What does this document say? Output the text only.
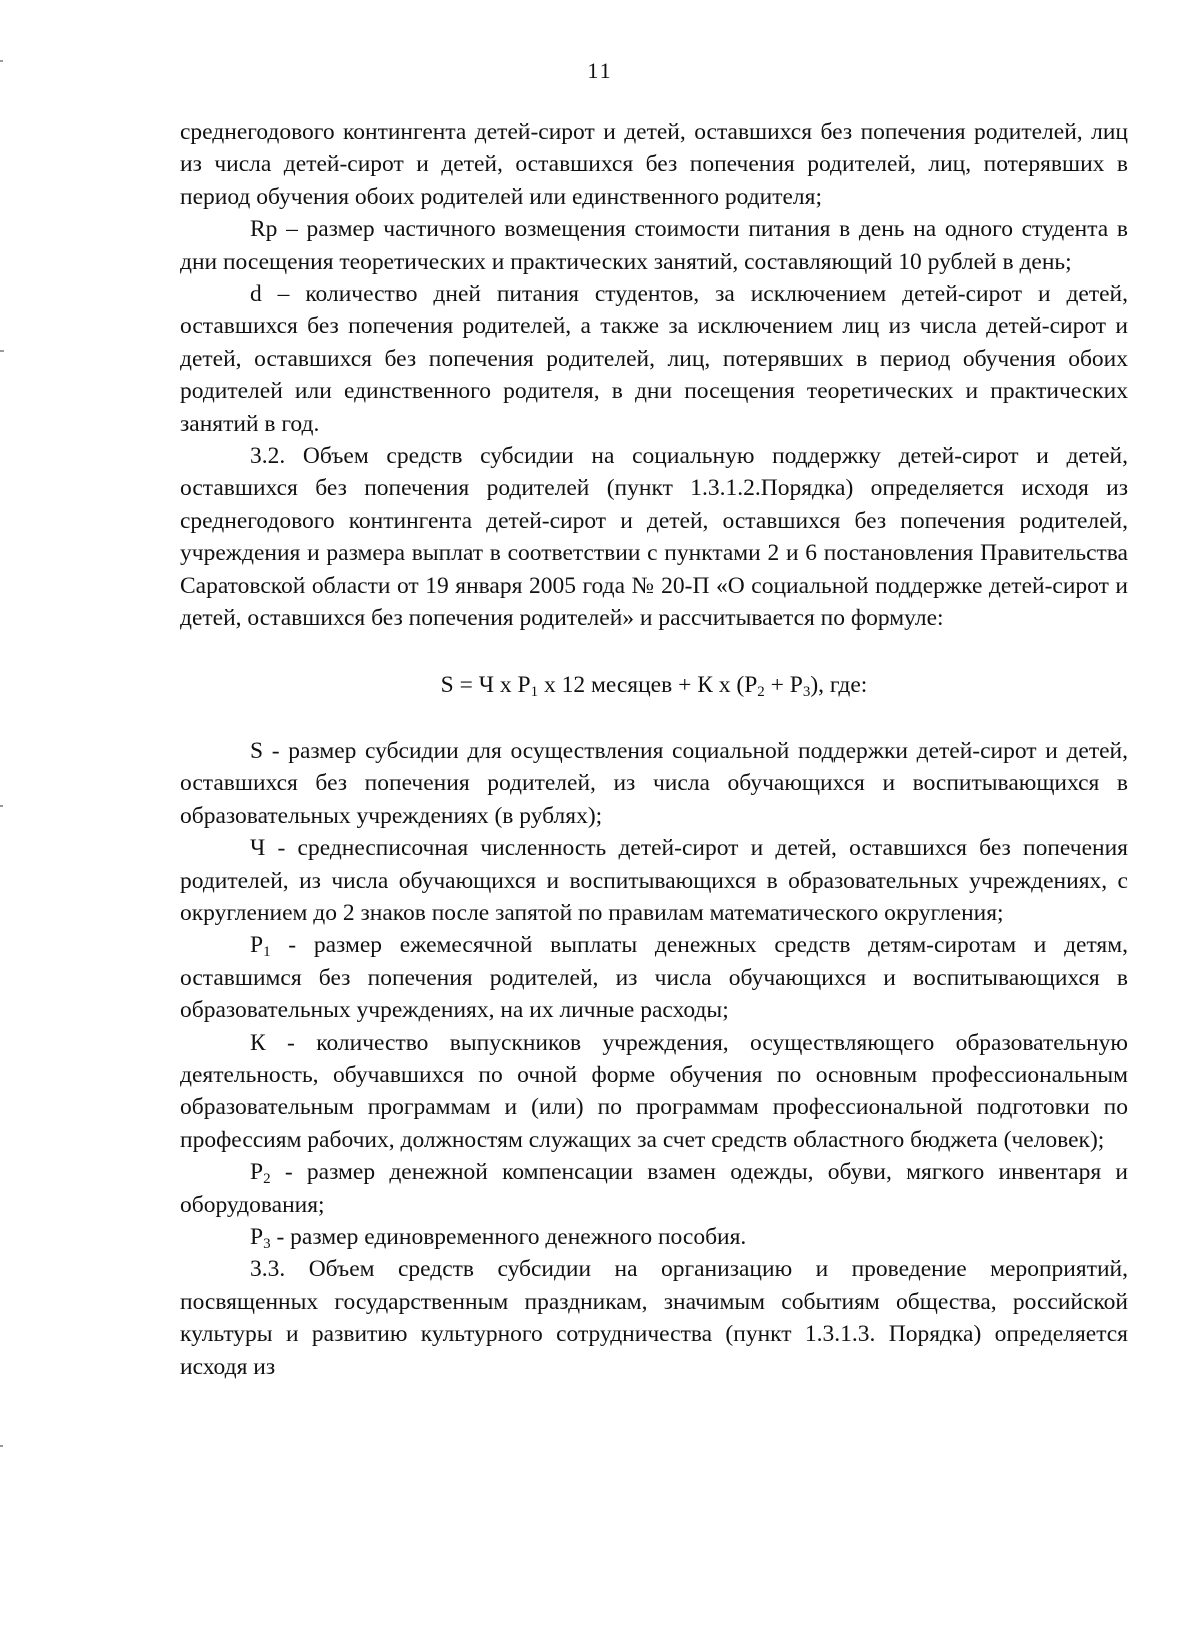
11

среднегодового контингента детей-сирот и детей, оставшихся без попечения родителей, лиц из числа детей-сирот и детей, оставшихся без попечения родителей, лиц, потерявших в период обучения обоих родителей или единственного родителя;

Rp – размер частичного возмещения стоимости питания в день на одного студента в дни посещения теоретических и практических занятий, составляющий 10 рублей в день;

d – количество дней питания студентов, за исключением детей-сирот и детей, оставшихся без попечения родителей, а также за исключением лиц из числа детей-сирот и детей, оставшихся без попечения родителей, лиц, потерявших в период обучения обоих родителей или единственного родителя, в дни посещения теоретических и практических занятий в год.

3.2. Объем средств субсидии на социальную поддержку детей-сирот и детей, оставшихся без попечения родителей (пункт 1.3.1.2.Порядка) определяется исходя из среднегодового контингента детей-сирот и детей, оставшихся без попечения родителей, учреждения и размера выплат в соответствии с пунктами 2 и 6 постановления Правительства Саратовской области от 19 января 2005 года № 20-П «О социальной поддержке детей-сирот и детей, оставшихся без попечения родителей» и рассчитывается по формуле:

S = Ч х $P_1$ х 12 месяцев + К х $(P_2 + P_3)$, где:

S - размер субсидии для осуществления социальной поддержки детей-сирот и детей, оставшихся без попечения родителей, из числа обучающихся и воспитывающихся в образовательных учреждениях (в рублях);

Ч - среднесписочная численность детей-сирот и детей, оставшихся без попечения родителей, из числа обучающихся и воспитывающихся в образовательных учреждениях, с округлением до 2 знаков после запятой по правилам математического округления;

$P_1$ - размер ежемесячной выплаты денежных средств детям-сиротам и детям, оставшимся без попечения родителей, из числа обучающихся и воспитывающихся в образовательных учреждениях, на их личные расходы;

К - количество выпускников учреждения, осуществляющего образовательную деятельность, обучавшихся по очной форме обучения по основным профессиональным образовательным программам и (или) по программам профессиональной подготовки по профессиям рабочих, должностям служащих за счет средств областного бюджета (человек);

$P_2$ - размер денежной компенсации взамен одежды, обуви, мягкого инвентаря и оборудования;

$P_3$ - размер единовременного денежного пособия.

3.3. Объем средств субсидии на организацию и проведение мероприятий, посвященных государственным праздникам, значимым событиям общества, российской культуры и развитию культурного сотрудничества (пункт 1.3.1.3. Порядка) определяется исходя из
